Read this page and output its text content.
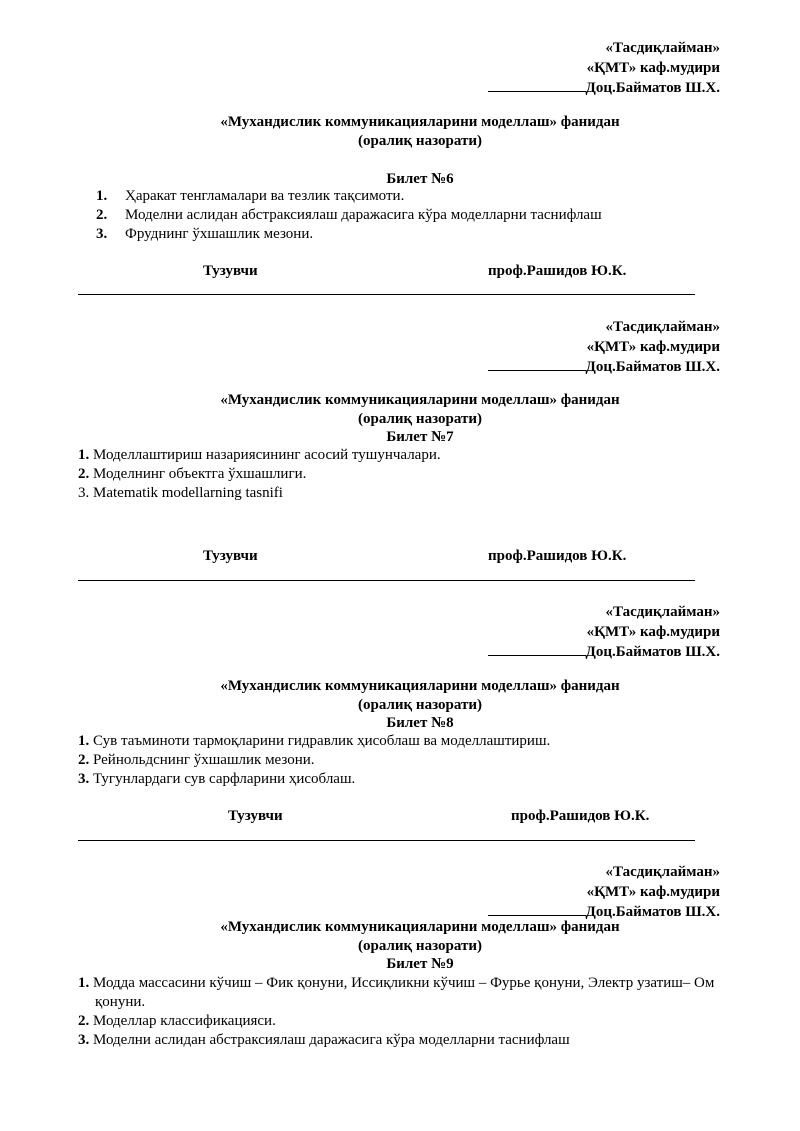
«Тасдиқлайман»
«ҚМТ» каф.мудири
Доц.Байматов Ш.Х.
«Мухандислик коммуникацияларини моделлаш» фанидан
(оралиқ назорати)
Билет №6
1. Ҳаракат тенгламалари ва тезлик тақсимоти.
2. Моделни аслидан абстраксиялаш даражасига кўра моделларни таснифлаш
3. Фруднинг ўхшашлик мезони.
Тузувчи	проф.Рашидов Ю.К.
«Тасдиқлайман»
«ҚМТ» каф.мудири
Доц.Байматов Ш.Х.
«Мухандислик коммуникацияларини моделлаш» фанидан
(оралиқ назорати)
Билет №7
1. Моделлаштириш назариясининг асосий тушунчалари.
2. Моделнинг объектга ўхшашлиги.
3. Matematik modellarning tasnifi
Тузувчи	проф.Рашидов Ю.К.
«Тасдиқлайман»
«ҚМТ» каф.мудири
Доц.Байматов Ш.Х.
«Мухандислик коммуникацияларини моделлаш» фанидан
(оралиқ назорати)
Билет №8
1. Сув таъминоти тармоқларини гидравлик ҳисоблаш ва моделлаштириш.
2. Рейнольдснинг ўхшашлик мезони.
3. Тугунлардаги сув сарфларини ҳисоблаш.
Тузувчи	проф.Рашидов Ю.К.
«Тасдиқлайман»
«ҚМТ» каф.мудири
Доц.Байматов Ш.Х.
«Мухандислик коммуникацияларини моделлаш» фанидан
(оралиқ назорати)
Билет №9
1. Модда массасини кўчиш – Фик қонуни, Иссиқликни кўчиш – Фурье қонуни, Электр узатиш– Ом қонуни.
2. Моделлар классификацияси.
3. Моделни аслидан абстраксиялаш даражасига кўра моделларни таснифлаш
